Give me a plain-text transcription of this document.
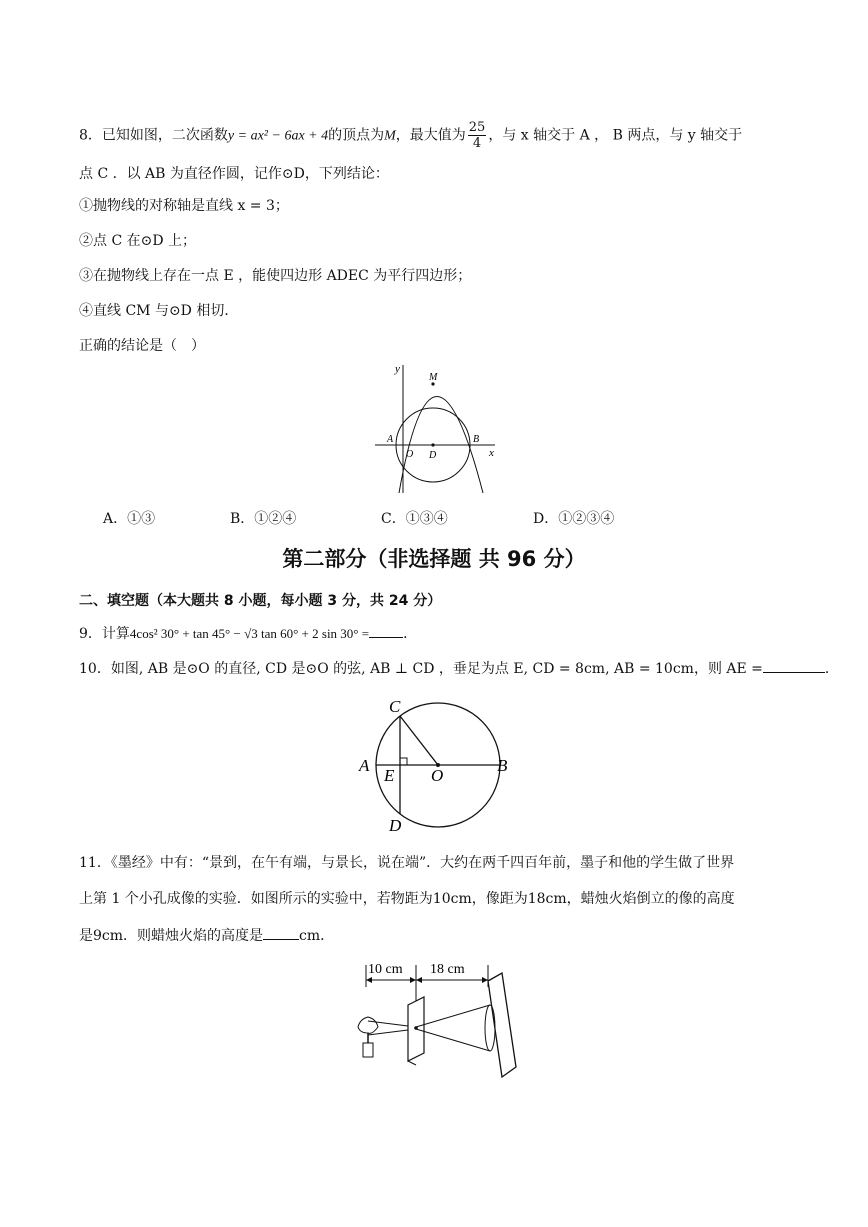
8．已知如图，二次函数y = ax² − 6ax + 4的顶点为M，最大值为 $\frac{25}{4}$ ，与 x 轴交于 A ， B 两点，与 y 轴交于
点 C ．以 AB 为直径作圆，记作⊙D，下列结论：
①抛物线的对称轴是直线 x = 3；
②点 C 在⊙D 上；
③在抛物线上存在一点 E ，能使四边形 ADEC 为平行四边形；
④直线 CM 与⊙D 相切．
正确的结论是（　）
y
x
M
A	B
O D
A．①③	B．①②④	C．①③④	D．①②③④
第二部分（非选择题 共 96 分）
二、填空题（本大题共 8 小题，每小题 3 分，共 24 分）
9．计算4cos² 30° + tan 45° − √3 tan 60° + 2 sin 30° = ．
10．如图, AB 是⊙O 的直径, CD 是⊙O 的弦, AB ⊥ CD ，垂足为点 E, CD = 8cm, AB = 10cm，则 AE =	．
C
A
E O
B
D
11．《墨经》中有：“景到，在午有端，与景长，说在端”．大约在两千四百年前，墨子和他的学生做了世界
上第 1 个小孔成像的实验．如图所示的实验中，若物距为10cm，像距为18cm，蜡烛火焰倒立的像的高度
是9cm．则蜡烛火焰的高度是	cm．
10 cm 18 cm
